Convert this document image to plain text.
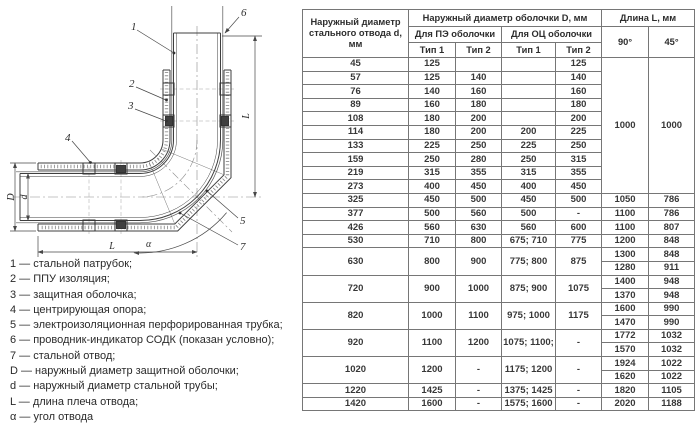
L
L
D d
α
1
2
3
4
5
6
7
1 — стальной патрубок;
2 — ППУ изоляция;
3 — защитная оболочка;
4 — центрирующая опора;
5 — электроизоляционная перфорированная трубка;
6 — проводник-индикатор СОДК (показан условно);
7 — стальной отвод;
D — наружный диаметр защитной оболочки;
d — наружный диаметр стальной трубы;
L — длина плеча отвода;
α — угол отвода
Наружный диаметр стального отвода d, мм	Наружный диаметр оболочки D, мм				Длина L, мм	
	Для ПЭ оболочки		Для ОЦ оболочки		90°	45°
	Тип 1	Тип 2	Тип 1	Тип 2		
45	125			125	1000	1000
57	125	140		140		
76	140	160		160		
89	160	180		180		
108	180	200		200		
114	180	200	200	225		
133	225	250	225	250		
159	250	280	250	315		
219	315	355	315	355		
273	400	450	400	450		
325	450	500	450	500	1050	786
377	500	560	500	-	1100	786
426	560	630	560	600	1100	807
530	710	800	675; 710	775	1200	848
630	800	900	775; 800	875	1300	848
					1280	911
720	900	1000	875; 900	1075	1400	948
					1370	948
820	1000	1100	975; 1000	1175	1600	990
					1470	990
920	1100	1200	1075; 1100;	-	1772	1032
					1570	1032
1020	1200	-	1175; 1200	-	1924	1022
					1620	1022
1220	1425	-	1375; 1425	-	1820	1105
1420	1600	-	1575; 1600	-	2020	1188
